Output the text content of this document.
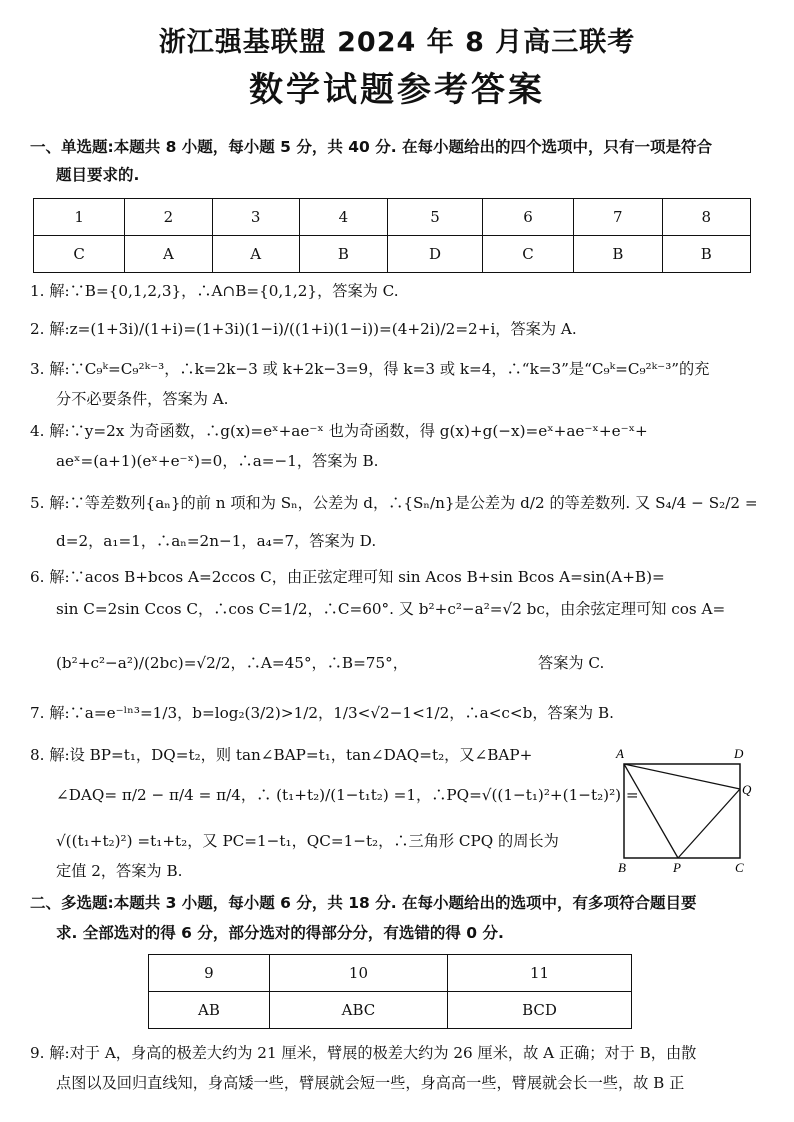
浙江强基联盟 2024 年 8 月高三联考
数学试题参考答案
一、单选题:本题共 8 小题，每小题 5 分，共 40 分. 在每小题给出的四个选项中，只有一项是符合
题目要求的.
1	2	3	4	5	6	7	8
C	A	A	B	D	C	B	B
1. 解:∵B={0,1,2,3}，∴A∩B={0,1,2}，答案为 C.
2. 解:z=(1+3i)/(1+i)=(1+3i)(1−i)/((1+i)(1−i))=(4+2i)/2=2+i，答案为 A.
3. 解:∵C₉ᵏ=C₉²ᵏ⁻³，∴k=2k−3 或 k+2k−3=9，得 k=3 或 k=4，∴“k=3”是“C₉ᵏ=C₉²ᵏ⁻³”的充
分不必要条件，答案为 A.
4. 解:∵y=2x 为奇函数，∴g(x)=eˣ+ae⁻ˣ 也为奇函数，得 g(x)+g(−x)=eˣ+ae⁻ˣ+e⁻ˣ+
aeˣ=(a+1)(eˣ+e⁻ˣ)=0，∴a=−1，答案为 B.
5. 解:∵等差数列{aₙ}的前 n 项和为 Sₙ，公差为 d，∴{Sₙ/n}是公差为 d/2 的等差数列. 又 S₄/4 − S₂/2 =
d=2，a₁=1，∴aₙ=2n−1，a₄=7，答案为 D.
6. 解:∵acos B+bcos A=2ccos C，由正弦定理可知 sin Acos B+sin Bcos A=sin(A+B)=
sin C=2sin Ccos C，∴cos C=1/2，∴C=60°. 又 b²+c²−a²=√2 bc，由余弦定理可知 cos A=
(b²+c²−a²)/(2bc)=√2/2，∴A=45°，∴B=75°，	答案为 C.
7. 解:∵a=e⁻ˡⁿ³=1/3，b=log₂(3/2)>1/2，1/3<√2−1<1/2，∴a<c<b，答案为 B.
8. 解:设 BP=t₁，DQ=t₂，则 tan∠BAP=t₁，tan∠DAQ=t₂，又∠BAP+
∠DAQ= π/2 − π/4 = π/4，∴ (t₁+t₂)/(1−t₁t₂) =1，∴PQ=√((1−t₁)²+(1−t₂)²) =
√((t₁+t₂)²) =t₁+t₂，又 PC=1−t₁，QC=1−t₂，∴三角形 CPQ 的周长为
定值 2，答案为 B.
A	D
Q
B	P	C
二、多选题:本题共 3 小题，每小题 6 分，共 18 分. 在每小题给出的选项中，有多项符合题目要
求. 全部选对的得 6 分，部分选对的得部分分，有选错的得 0 分.
9	10	11
AB	ABC	BCD
9. 解:对于 A，身高的极差大约为 21 厘米，臂展的极差大约为 26 厘米，故 A 正确；对于 B，由散
点图以及回归直线知，身高矮一些，臂展就会短一些，身高高一些，臂展就会长一些，故 B 正
